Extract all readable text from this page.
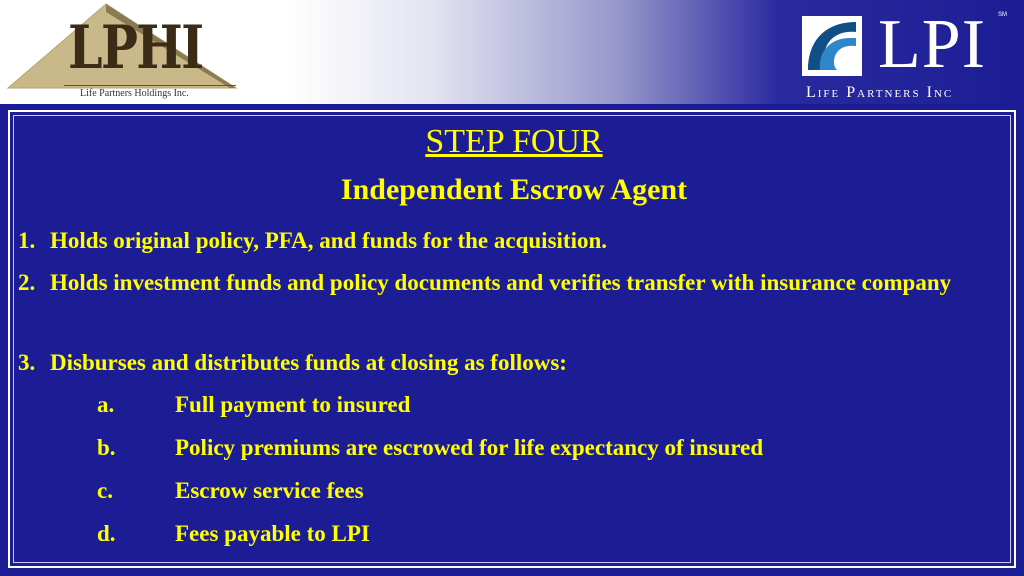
LPHI
Life Partners Holdings Inc.
LPI SM
Life Partners Inc
STEP FOUR
Independent Escrow Agent
1. Holds original policy, PFA, and funds for the acquisition.
2. Holds investment funds and policy documents and verifies transfer with insurance company
3. Disburses and distributes funds at closing as follows:
a.	Full payment to insured
b.	Policy premiums are escrowed for life expectancy of insured
c.	Escrow service fees
d.	Fees payable to LPI
